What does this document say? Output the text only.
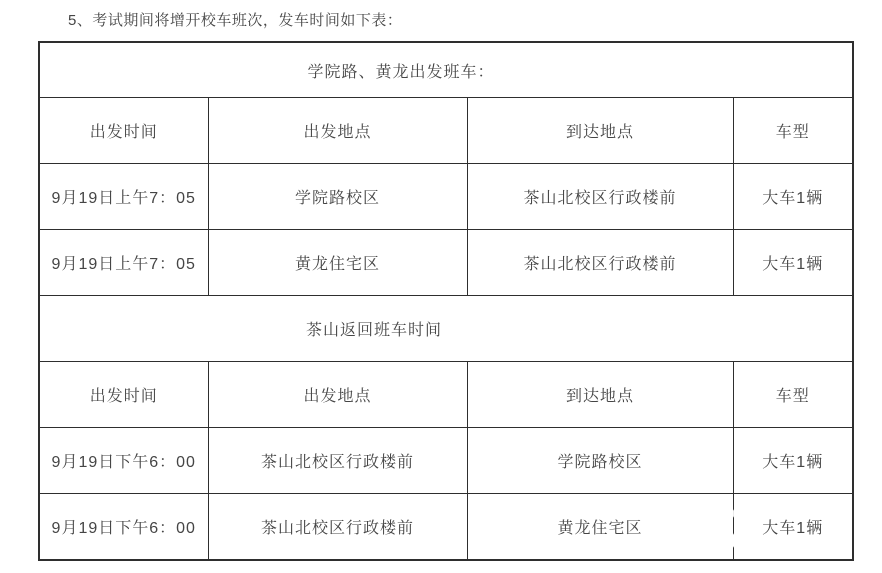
5、考试期间将增开校车班次，发车时间如下表：
学院路、黄龙出发班车：			
出发时间	出发地点	到达地点	车型
9月19日上午7：05	学院路校区	茶山北校区行政楼前	大车1辆
9月19日上午7：05	黄龙住宅区	茶山北校区行政楼前	大车1辆
茶山返回班车时间			
出发时间	出发地点	到达地点	车型
9月19日下午6：00	茶山北校区行政楼前	学院路校区	大车1辆
9月19日下午6：00	茶山北校区行政楼前	黄龙住宅区	大车1辆
